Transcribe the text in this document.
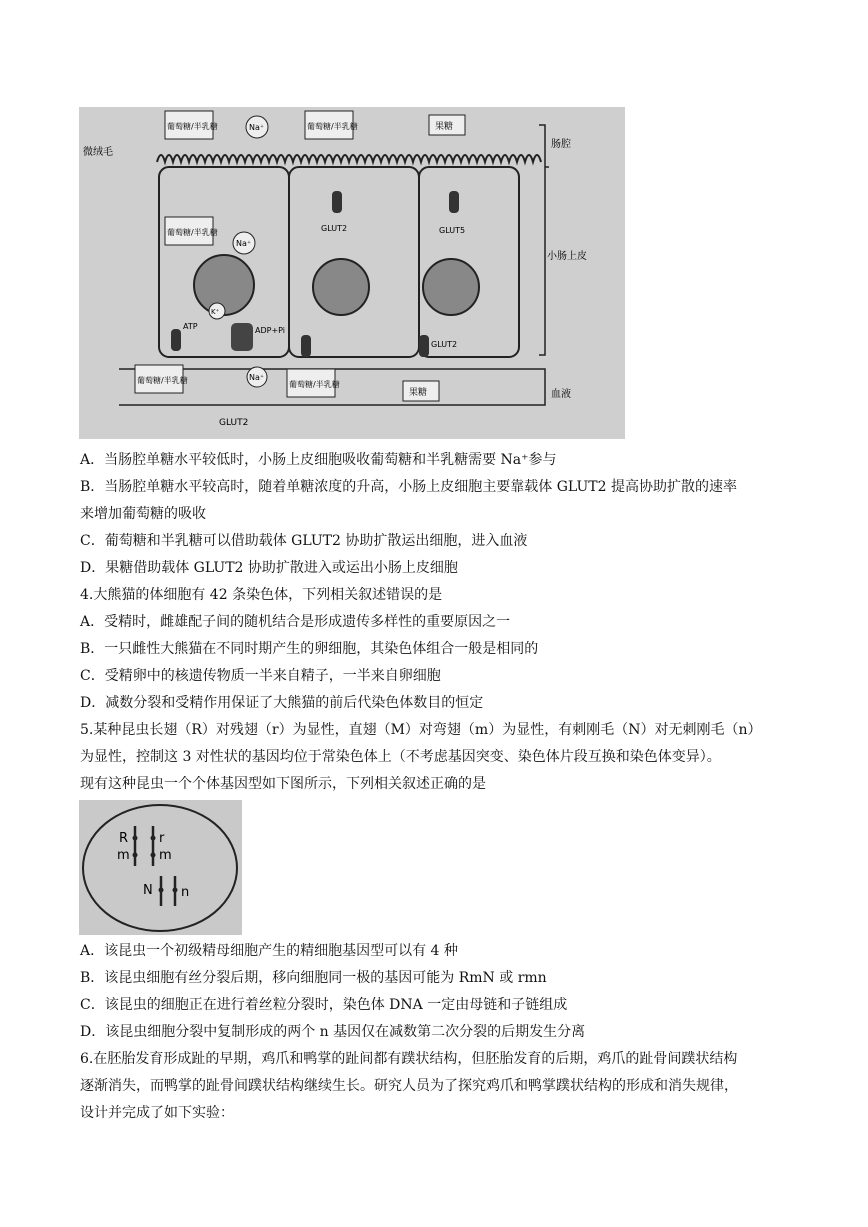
葡萄糖/半乳糖	Na⁺	葡萄糖/半乳糖	果糖
肠腔
微绒毛
葡萄糖/半乳糖
Na⁺
GLUT2	GLUT5
小肠上皮
K⁺
ATP	ADP+Pi
GLUT2
Na⁺
葡萄糖/半乳糖	葡萄糖/半乳糖
果糖	血液
GLUT2
A．当肠腔单糖水平较低时，小肠上皮细胞吸收葡萄糖和半乳糖需要 Na⁺参与
B．当肠腔单糖水平较高时，随着单糖浓度的升高，小肠上皮细胞主要靠载体 GLUT2 提高协助扩散的速率
来增加葡萄糖的吸收
C．葡萄糖和半乳糖可以借助载体 GLUT2 协助扩散运出细胞，进入血液
D．果糖借助载体 GLUT2 协助扩散进入或运出小肠上皮细胞
4.大熊猫的体细胞有 42 条染色体，下列相关叙述错误的是
A．受精时，雌雄配子间的随机结合是形成遗传多样性的重要原因之一
B．一只雌性大熊猫在不同时期产生的卵细胞，其染色体组合一般是相同的
C．受精卵中的核遗传物质一半来自精子，一半来自卵细胞
D．减数分裂和受精作用保证了大熊猫的前后代染色体数目的恒定
5.某种昆虫长翅（R）对残翅（r）为显性，直翅（M）对弯翅（m）为显性，有刺刚毛（N）对无刺刚毛（n）
为显性，控制这 3 对性状的基因均位于常染色体上（不考虑基因突变、染色体片段互换和染色体变异）。
现有这种昆虫一个个体基因型如下图所示，下列相关叙述正确的是
R r
m m
N n
A．该昆虫一个初级精母细胞产生的精细胞基因型可以有 4 种
B．该昆虫细胞有丝分裂后期，移向细胞同一极的基因可能为 RmN 或 rmn
C．该昆虫的细胞正在进行着丝粒分裂时，染色体 DNA 一定由母链和子链组成
D．该昆虫细胞分裂中复制形成的两个 n 基因仅在减数第二次分裂的后期发生分离
6.在胚胎发育形成趾的早期，鸡爪和鸭掌的趾间都有蹼状结构，但胚胎发育的后期，鸡爪的趾骨间蹼状结构
逐渐消失，而鸭掌的趾骨间蹼状结构继续生长。研究人员为了探究鸡爪和鸭掌蹼状结构的形成和消失规律，
设计并完成了如下实验：
